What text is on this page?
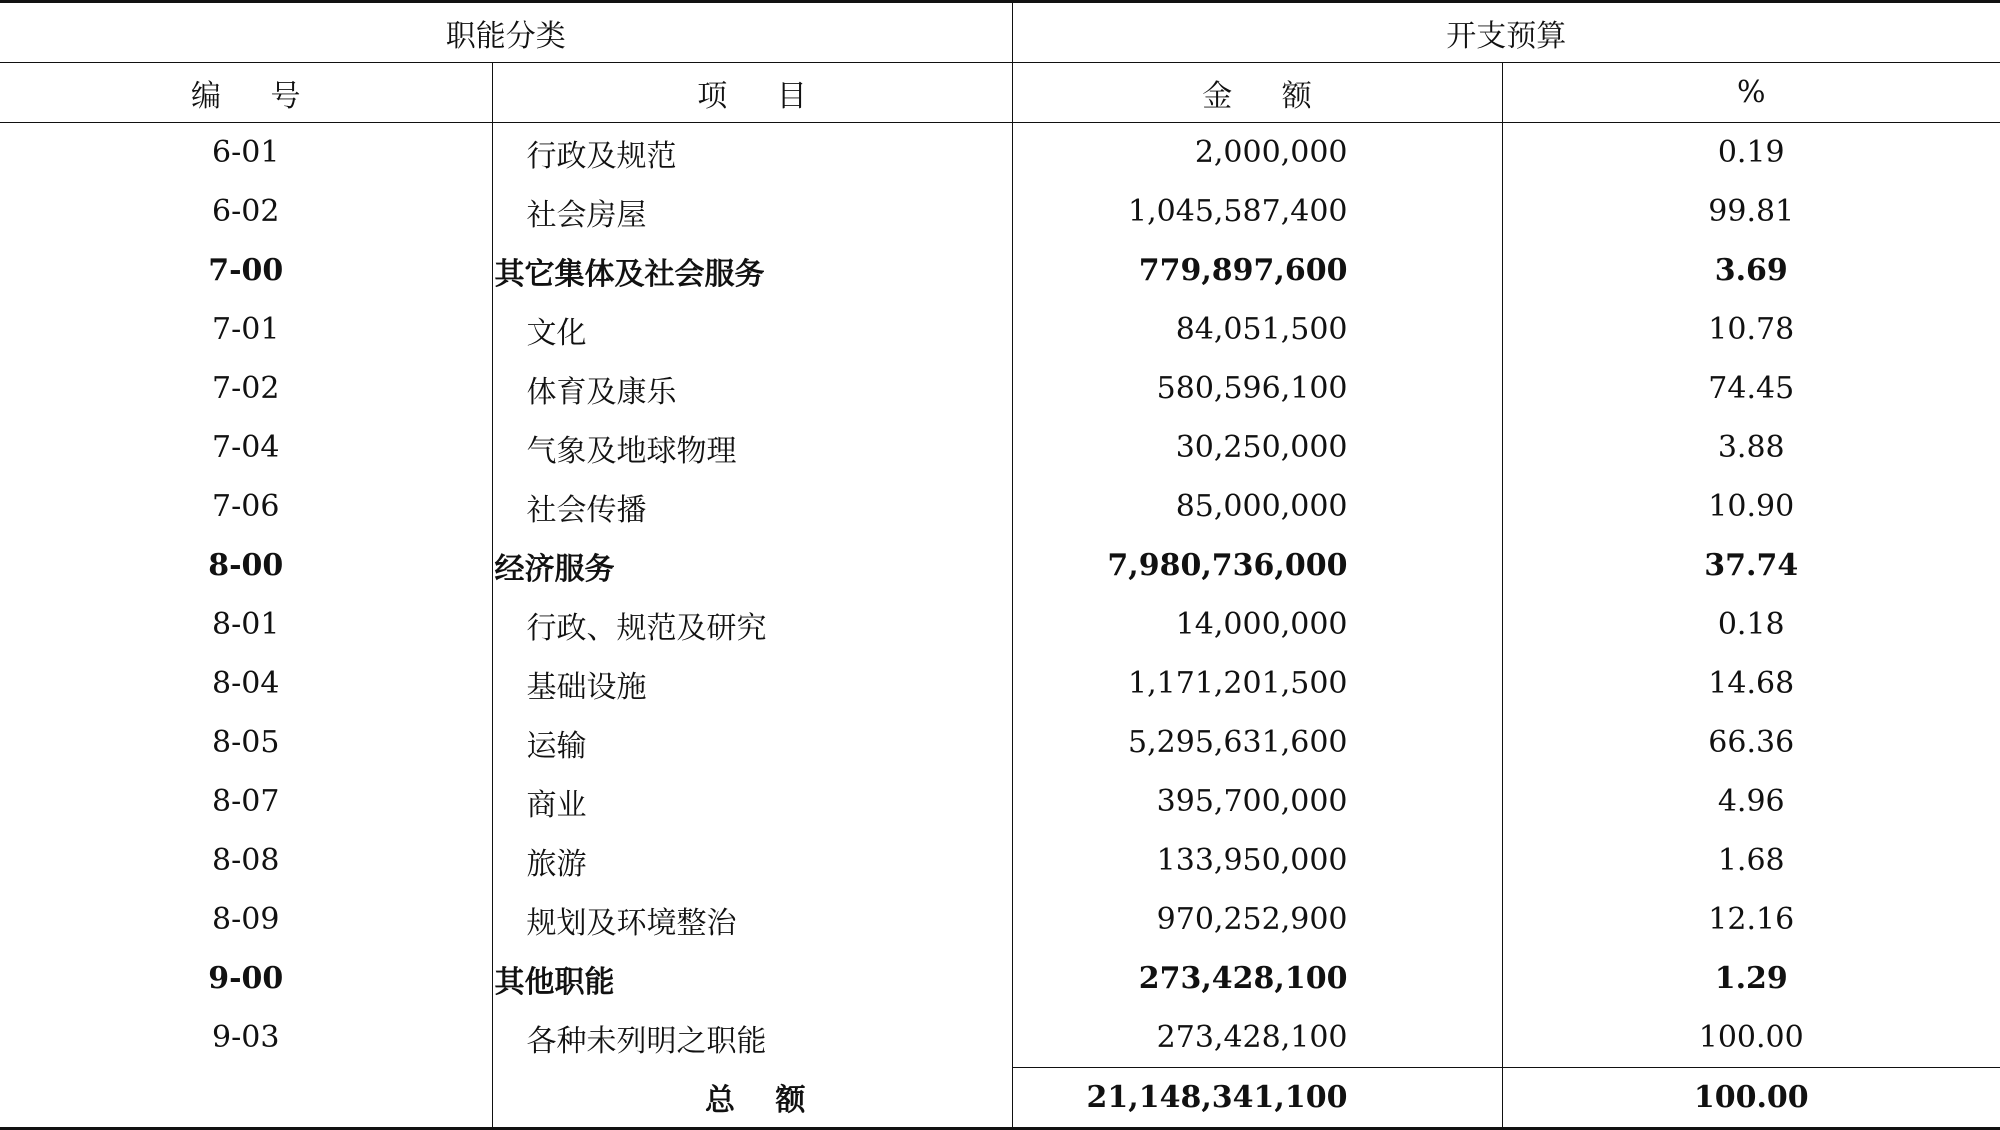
职能分类		开支预算	
编 号	项 目	金 额	%
6-01	行政及规范	2,000,000	0.19
6-02	社会房屋	1,045,587,400	99.81
7-00	其它集体及社会服务	779,897,600	3.69
7-01	文化	84,051,500	10.78
7-02	体育及康乐	580,596,100	74.45
7-04	气象及地球物理	30,250,000	3.88
7-06	社会传播	85,000,000	10.90
8-00	经济服务	7,980,736,000	37.74
8-01	行政、规范及研究	14,000,000	0.18
8-04	基础设施	1,171,201,500	14.68
8-05	运输	5,295,631,600	66.36
8-07	商业	395,700,000	4.96
8-08	旅游	133,950,000	1.68
8-09	规划及环境整治	970,252,900	12.16
9-00	其他职能	273,428,100	1.29
9-03	各种未列明之职能	273,428,100	100.00
	总 额	21,148,341,100	100.00
